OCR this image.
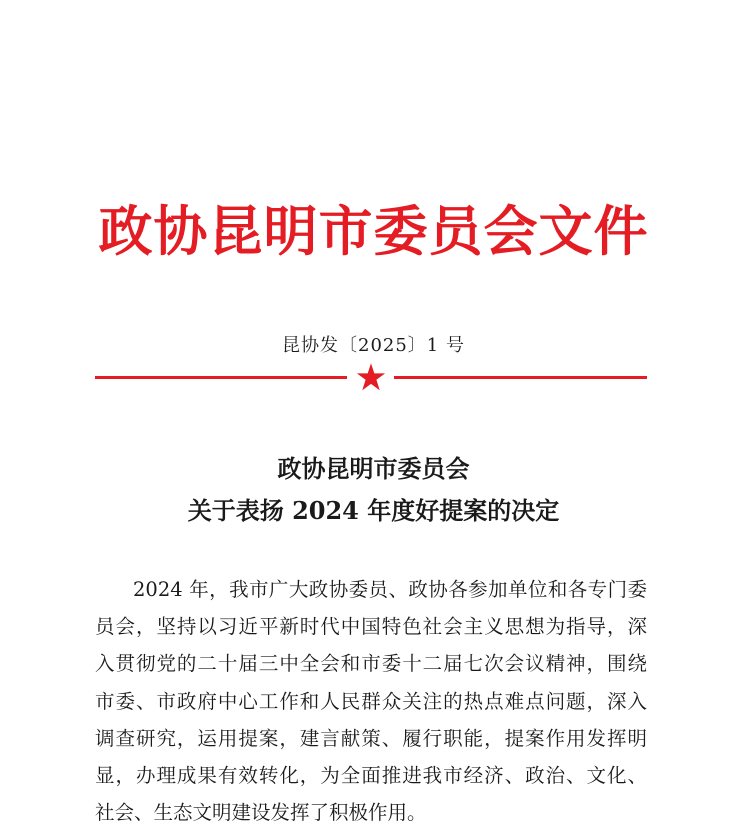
政协昆明市委员会文件
昆协发〔2025〕1 号
政协昆明市委员会
关于表扬 2024 年度好提案的决定
2024 年，我市广大政协委员、政协各参加单位和各专门委
员会，坚持以习近平新时代中国特色社会主义思想为指导，深
入贯彻党的二十届三中全会和市委十二届七次会议精神，围绕
市委、市政府中心工作和人民群众关注的热点难点问题，深入
调查研究，运用提案，建言献策、履行职能，提案作用发挥明
显，办理成果有效转化，为全面推进我市经济、政治、文化、
社会、生态文明建设发挥了积极作用。
